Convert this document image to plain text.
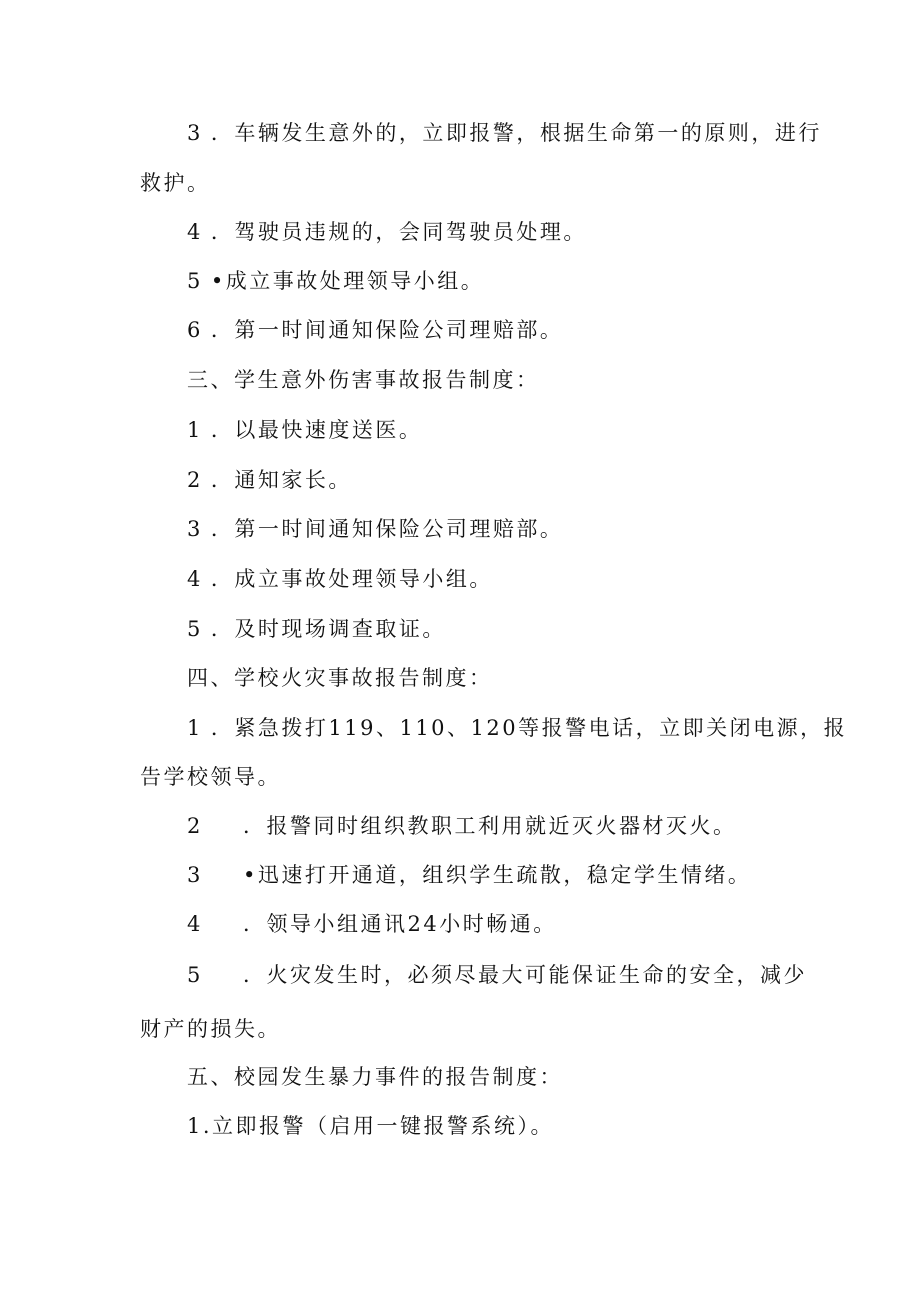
3 ．车辆发生意外的，立即报警，根据生命第一的原则，进行
救护。
4 ．驾驶员违规的，会同驾驶员处理。
5 •成立事故处理领导小组。
6 ．第一时间通知保险公司理赔部。
三、学生意外伤害事故报告制度：
1 ．以最快速度送医。
2 ．通知家长。
3 ．第一时间通知保险公司理赔部。
4 ．成立事故处理领导小组。
5 ．及时现场调查取证。
四、学校火灾事故报告制度：
1 ．紧急拨打119、110、120等报警电话，立即关闭电源，报
告学校领导。
2 ．报警同时组织教职工利用就近灭火器材灭火。
3 •迅速打开通道，组织学生疏散，稳定学生情绪。
4 ．领导小组通讯24小时畅通。
5 ．火灾发生时，必须尽最大可能保证生命的安全，减少
财产的损失。
五、校园发生暴力事件的报告制度：
1.立即报警（启用一键报警系统）。
